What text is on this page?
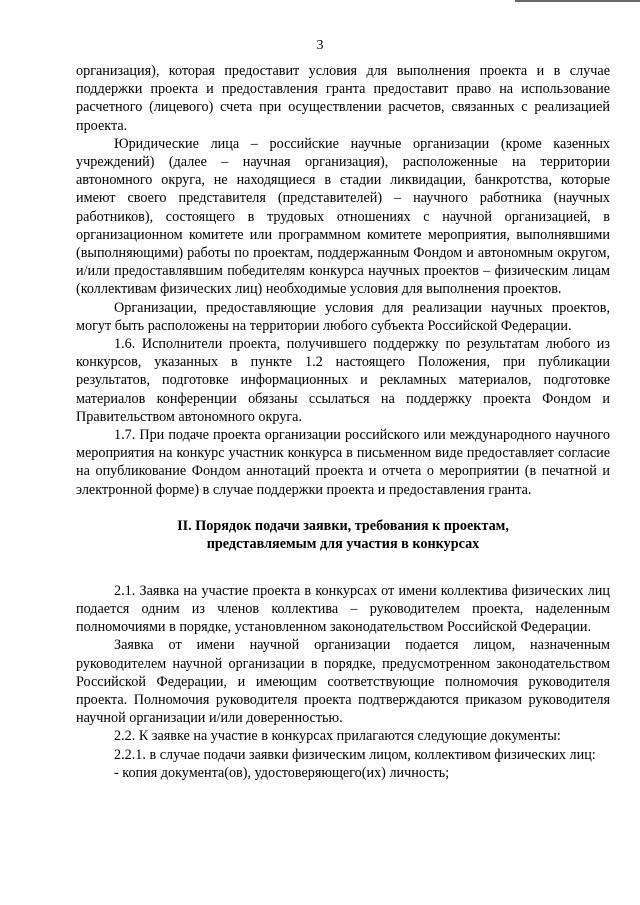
3

организация), которая предоставит условия для выполнения проекта и в случае поддержки проекта и предоставления гранта предоставит право на использование расчетного (лицевого) счета при осуществлении расчетов, связанных с реализацией проекта.

Юридические лица – российские научные организации (кроме казенных учреждений) (далее – научная организация), расположенные на территории автономного округа, не находящиеся в стадии ликвидации, банкротства, которые имеют своего представителя (представителей) – научного работника (научных работников), состоящего в трудовых отношениях с научной организацией, в организационном комитете или программном комитете мероприятия, выполнявшими (выполняющими) работы по проектам, поддержанным Фондом и автономным округом, и/или предоставлявшим победителям конкурса научных проектов – физическим лицам (коллективам физических лиц) необходимые условия для выполнения проектов.

Организации, предоставляющие условия для реализации научных проектов, могут быть расположены на территории любого субъекта Российской Федерации.

1.6. Исполнители проекта, получившего поддержку по результатам любого из конкурсов, указанных в пункте 1.2 настоящего Положения, при публикации результатов, подготовке информационных и рекламных материалов, подготовке материалов конференции обязаны ссылаться на поддержку проекта Фондом и Правительством автономного округа.

1.7. При подаче проекта организации российского или международного научного мероприятия на конкурс участник конкурса в письменном виде предоставляет согласие на опубликование Фондом аннотаций проекта и отчета о мероприятии (в печатной и электронной форме) в случае поддержки проекта и предоставления гранта.

II. Порядок подачи заявки, требования к проектам,
представляемым для участия в конкурсах

2.1. Заявка на участие проекта в конкурсах от имени коллектива физических лиц подается одним из членов коллектива – руководителем проекта, наделенным полномочиями в порядке, установленном законодательством Российской Федерации.

Заявка от имени научной организации подается лицом, назначенным руководителем научной организации в порядке, предусмотренном законодательством Российской Федерации, и имеющим соответствующие полномочия руководителя проекта. Полномочия руководителя проекта подтверждаются приказом руководителя научной организации и/или доверенностью.

2.2. К заявке на участие в конкурсах прилагаются следующие документы:

2.2.1. в случае подачи заявки физическим лицом, коллективом физических лиц:

- копия документа(ов), удостоверяющего(их) личность;
